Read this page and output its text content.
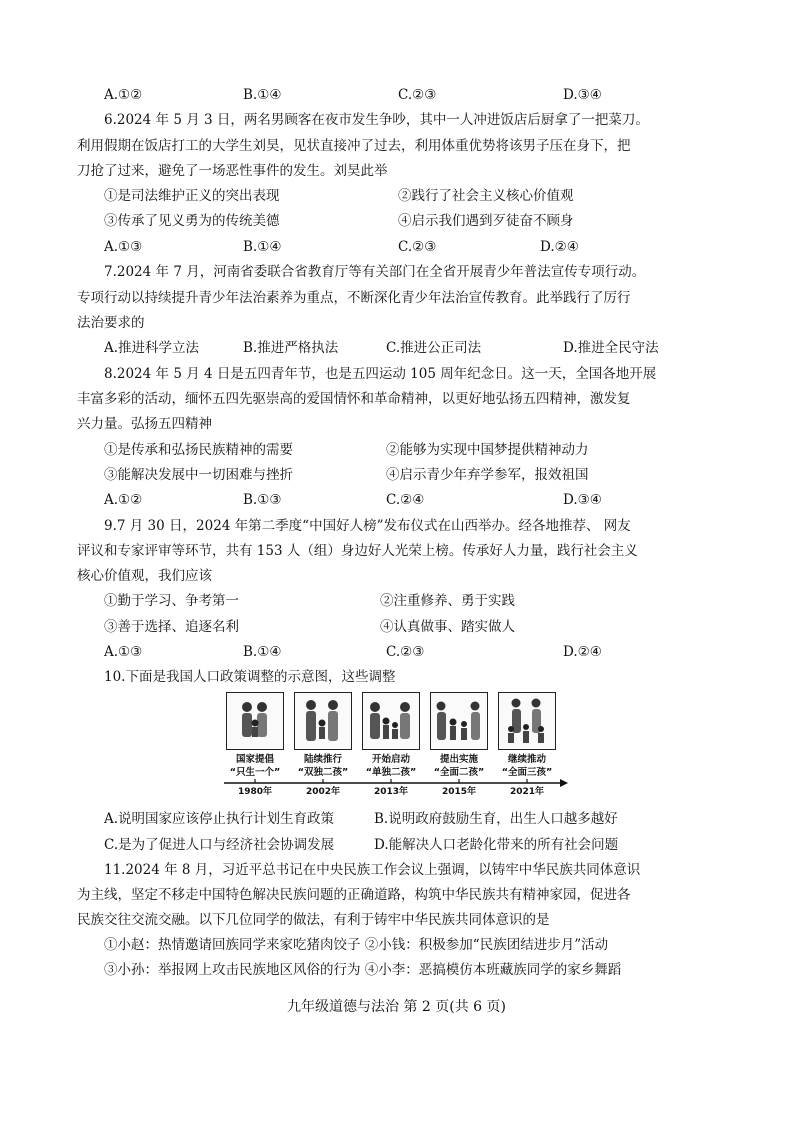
A.①②	B.①④	C.②③	D.③④
6.2024 年 5 月 3 日，两名男顾客在夜市发生争吵，其中一人冲进饭店后厨拿了一把菜刀。
利用假期在饭店打工的大学生刘昊，见状直接冲了过去，利用体重优势将该男子压在身下，把
刀抢了过来，避免了一场恶性事件的发生。刘昊此举
①是司法维护正义的突出表现	②践行了社会主义核心价值观
③传承了见义勇为的传统美德	④启示我们遇到歹徒奋不顾身
A.①③	B.①④	C.②③	D.②④
7.2024 年 7 月，河南省委联合省教育厅等有关部门在全省开展青少年普法宣传专项行动。
专项行动以持续提升青少年法治素养为重点，不断深化青少年法治宣传教育。此举践行了厉行
法治要求的
A.推进科学立法	B.推进严格执法	C.推进公正司法	D.推进全民守法
8.2024 年 5 月 4 日是五四青年节，也是五四运动 105 周年纪念日。这一天，全国各地开展
丰富多彩的活动，缅怀五四先驱崇高的爱国情怀和革命精神，以更好地弘扬五四精神，激发复
兴力量。弘扬五四精神
①是传承和弘扬民族精神的需要	②能够为实现中国梦提供精神动力
③能解决发展中一切困难与挫折	④启示青少年弃学参军，报效祖国
A.①②	B.①③	C.②④	D.③④
9.7 月 30 日，2024 年第二季度“中国好人榜”发布仪式在山西举办。经各地推荐、 网友
评议和专家评审等环节，共有 153 人（组）身边好人光荣上榜。传承好人力量，践行社会主义
核心价值观，我们应该
①勤于学习、争考第一	②注重修养、勇于实践
③善于选择、追逐名利	④认真做事、踏实做人
A.①③	B.①④	C.②③	D.②④
10.下面是我国人口政策调整的示意图，这些调整
国家提倡
“只生一个”
陆续推行
“双独二孩”
开始启动
“单独二孩”
提出实施
“全面二孩”
继续推动
“全面三孩”
1980年	2002年	2013年	2015年	2021年
A.说明国家应该停止执行计划生育政策	B.说明政府鼓励生育，出生人口越多越好
C.是为了促进人口与经济社会协调发展	D.能解决人口老龄化带来的所有社会问题
11.2024 年 8 月，习近平总书记在中央民族工作会议上强调，以铸牢中华民族共同体意识
为主线，坚定不移走中国特色解决民族问题的正确道路，构筑中华民族共有精神家园，促进各
民族交往交流交融。以下几位同学的做法，有利于铸牢中华民族共同体意识的是
①小赵：热情邀请回族同学来家吃猪肉饺子 ②小钱：积极参加“民族团结进步月”活动
③小孙：举报网上攻击民族地区风俗的行为 ④小李：恶搞模仿本班藏族同学的家乡舞蹈
九年级道德与法治 第 2 页(共 6 页)
